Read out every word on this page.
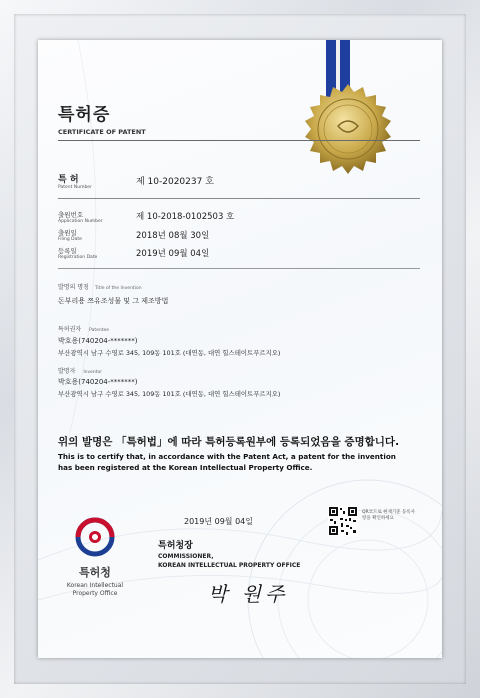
특허증
CERTIFICATE OF PATENT
특 허
Patent Number
제 10-2020237 호
출원번호
Application Number	제 10-2018-0102503 호
출원일
Filing Date	2018년 08월 30일
등록일
Registration Date	2019년 09월 04일
발명의 명칭 Title of the Invention
돈부리용 쯔유조성물 및 그 제조방법
특허권자 Patentee
박호용(740204-*******)
부산광역시 남구 수영로 345, 109동 101호 (대연동, 대연 힐스테이트푸르지오)
발명자 Inventor
박호용(740204-*******)
부산광역시 남구 수영로 345, 109동 101호 (대연동, 대연 힐스테이트푸르지오)
위의 발명은 「특허법」에 따라 특허등록원부에 등록되었음을 증명합니다.
This is to certify that, in accordance with the Patent Act, a patent for the invention
has been registered at the Korean Intellectual Property Office.
2019년 09월 04일
QR코드로 현재기준 등록사항을 확인하세요
특허청장
COMMISSIONER,
KOREAN INTELLECTUAL PROPERTY OFFICE
박 원주
특허청
Korean Intellectual Property Office
